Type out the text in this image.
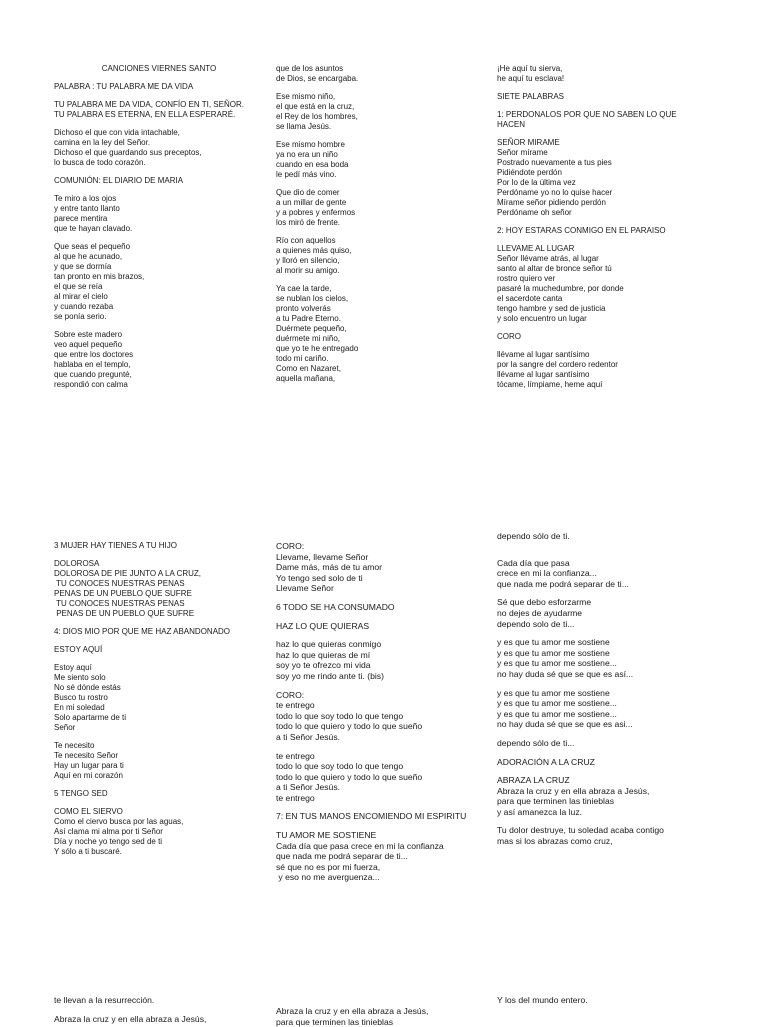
CANCIONES VIERNES SANTO
PALABRA : TU PALABRA ME DA VIDA
TU PALABRA ME DA VIDA, CONFÍO EN TI, SEÑOR.
TU PALABRA ES ETERNA, EN ELLA ESPERARÉ.
Dichoso el que con vida intachable,
camina en la ley del Señor.
Dichoso el que guardando sus preceptos,
lo busca de todo corazón.
COMUNIÓN: EL DIARIO DE MARIA
Te miro a los ojos
y entre tanto llanto
parece mentira
que te hayan clavado.
Que seas el pequeño
al que he acunado,
y que se dormía
tan pronto en mis brazos,
el que se reía
al mirar el cielo
y cuando rezaba
se ponía serio.
Sobre este madero
veo aquel pequeño
que entre los doctores
hablaba en el templo,
que cuando pregunté,
respondió con calma
que de los asuntos
de Dios, se encargaba.
Ese mismo niño,
el que está en la cruz,
el Rey de los hombres,
se llama Jesús.
Ese mismo hombre
ya no era un niño
cuando en esa boda
le pedí más vino.
Que dio de comer
a un millar de gente
y a pobres y enfermos
los miró de frente.
Río con aquellos
a quienes más quiso,
y lloró en silencio,
al morir su amigo.
Ya cae la tarde,
se nublan los cielos,
pronto volverás
a tu Padre Eterno.
Duérmete pequeño,
duérmete mi niño,
que yo te he entregado
todo mi cariño.
Como en Nazaret,
aquella mañana,
¡He aquí tu sierva,
he aquí tu esclava!
SIETE PALABRAS
1: PERDONALOS POR QUE NO SABEN LO QUE
HACEN
SEÑOR MIRAME
Señor mírame
Postrado nuevamente a tus pies
Pidiéndote perdón
Por lo de la última vez
Perdóname yo no lo quise hacer
Mírame señor pidiendo perdón
Perdóname oh señor
2: HOY ESTARAS CONMIGO EN EL PARAISO
LLEVAME AL LUGAR
Señor llévame atrás, al lugar
santo al altar de bronce señor tú
rostro quiero ver
pasaré la muchedumbre, por donde
el sacerdote canta
tengo hambre y sed de justicia
y solo encuentro un lugar
CORO
llévame al lugar santísimo
por la sangre del cordero redentor
llévame al lugar santísimo
tócame, límpiame, heme aquí
3 MUJER HAY TIENES A TU HIJO
DOLOROSA
DOLOROSA DE PIE JUNTO A LA CRUZ,
TU CONOCES NUESTRAS PENAS
PENAS DE UN PUEBLO QUE SUFRE
TU CONOCES NUESTRAS PENAS
PENAS DE UN PUEBLO QUE SUFRE
4: DIOS MIO POR QUE ME HAZ ABANDONADO
ESTOY AQUÍ
Estoy aquí
Me siento solo
No sé dónde estás
Busco tu rostro
En mi soledad
Solo apartarme de ti
Señor
Te necesito
Te necesito Señor
Hay un lugar para ti
Aquí en mi corazón
5 TENGO SED
COMO EL SIERVO
Como el ciervo busca por las aguas,
Así clama mi alma por ti Señor
Día y noche yo tengo sed de ti
Y sólo a ti buscaré.
CORO:
Llevame, llevame Señor
Dame más, más de tu amor
Yo tengo sed solo de ti
Llevame Señor
6 TODO SE HA CONSUMADO
HAZ LO QUE QUIERAS
haz lo que quieras conmigo
haz lo que quieras de mí
soy yo te ofrezco mi vida
soy yo me rindo ante ti. (bis)
CORO:
te entrego
todo lo que soy todo lo que tengo
todo lo que quiero y todo lo que sueño
a ti Señor Jesús.
te entrego
todo lo que soy todo lo que tengo
todo lo que quiero y todo lo que sueño
a ti Señor Jesús.
te entrego
7: EN TUS MANOS ENCOMIENDO MI ESPIRITU
TU AMOR ME SOSTIENE
Cada día que pasa crece en mi la confianza
que nada me podrá separar de ti...
sé que no es por mi fuerza,
y eso no me averguenza...
dependo sólo de ti.
Cada día que pasa
crece en mi la confianza...
que nada me podrá separar de ti...
Sé que debo esforzarme
no dejes de ayudarme
dependo solo de ti...
y es que tu amor me sostiene
y es que tu amor me sostiene
y es que tu amor me sostiene...
no hay duda sé que se que es así...
y es que tu amor me sostiene
y es que tu amor me sostiene...
y es que tu amor me sostiene...
no hay duda sé que se que es asi...
dependo sólo de ti...
ADORACIÓN A LA CRUZ
ABRAZA LA CRUZ
Abraza la cruz y en ella abraza a Jesús,
para que terminen las tinieblas
y así amanezca la luz.
Tu dolor destruye, tu soledad acaba contigo
mas si los abrazas como cruz,
te llevan a la resurrección.
Abraza la cruz y en ella abraza a Jesús,
Abraza la cruz y en ella abraza a Jesús,
para que terminen las tinieblas
Y los del mundo entero.
